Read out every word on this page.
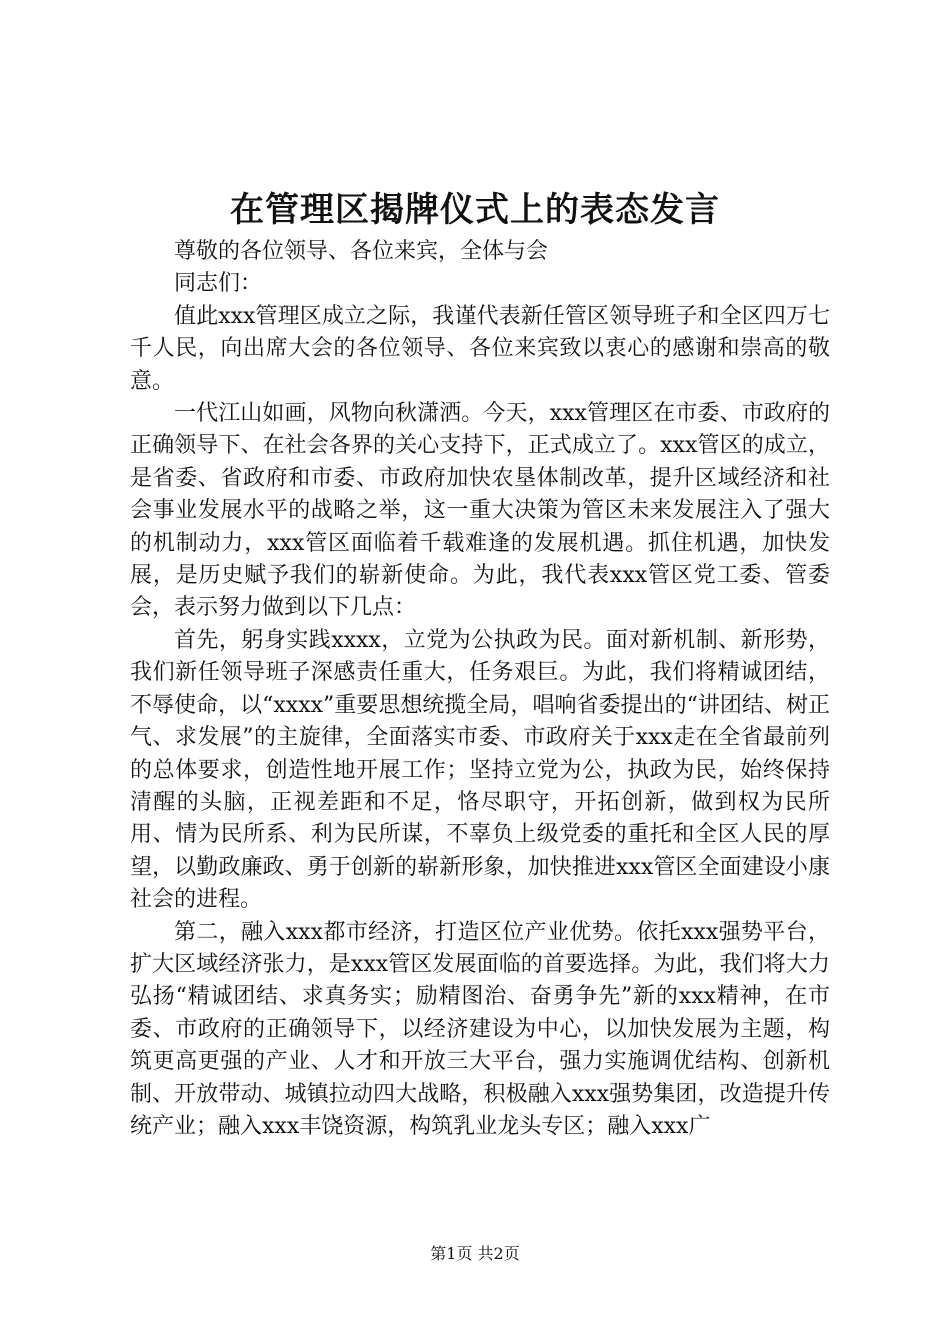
在管理区揭牌仪式上的表态发言

尊敬的各位领导、各位来宾，全体与会

同志们：

值此xxx管理区成立之际，我谨代表新任管区领导班子和全区四万七千人民，向出席大会的各位领导、各位来宾致以衷心的感谢和崇高的敬意。

一代江山如画，风物向秋潇洒。今天，xxx管理区在市委、市政府的正确领导下、在社会各界的关心支持下，正式成立了。xxx管区的成立，是省委、省政府和市委、市政府加快农垦体制改革，提升区域经济和社会事业发展水平的战略之举，这一重大决策为管区未来发展注入了强大的机制动力，xxx管区面临着千载难逢的发展机遇。抓住机遇，加快发展，是历史赋予我们的崭新使命。为此，我代表xxx管区党工委、管委会，表示努力做到以下几点：

首先，躬身实践xxxx，立党为公执政为民。面对新机制、新形势，我们新任领导班子深感责任重大，任务艰巨。为此，我们将精诚团结，不辱使命，以“xxxx”重要思想统揽全局，唱响省委提出的“讲团结、树正气、求发展”的主旋律，全面落实市委、市政府关于xxx走在全省最前列的总体要求，创造性地开展工作；坚持立党为公，执政为民，始终保持清醒的头脑，正视差距和不足，恪尽职守，开拓创新，做到权为民所用、情为民所系、利为民所谋，不辜负上级党委的重托和全区人民的厚望，以勤政廉政、勇于创新的崭新形象，加快推进xxx管区全面建设小康社会的进程。

第二，融入xxx都市经济，打造区位产业优势。依托xxx强势平台，扩大区域经济张力，是xxx管区发展面临的首要选择。为此，我们将大力弘扬“精诚团结、求真务实；励精图治、奋勇争先”新的xxx精神，在市委、市政府的正确领导下，以经济建设为中心，以加快发展为主题，构筑更高更强的产业、人才和开放三大平台，强力实施调优结构、创新机制、开放带动、城镇拉动四大战略，积极融入xxx强势集团，改造提升传统产业；融入xxx丰饶资源，构筑乳业龙头专区；融入xxx广

第1页 共2页
